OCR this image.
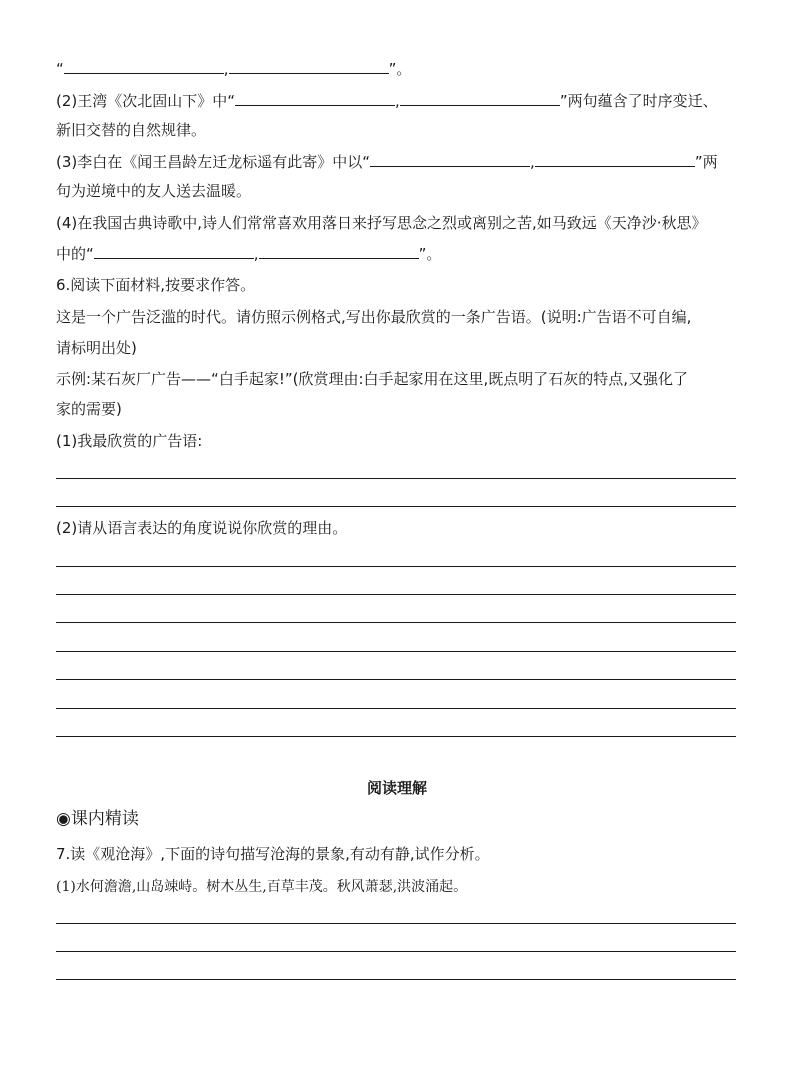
“	,	”。
(2)王湾《次北固山下》中“	,	”两句蕴含了时序变迁、
新旧交替的自然规律。
(3)李白在《闻王昌龄左迁龙标遥有此寄》中以“	,	”两
句为逆境中的友人送去温暖。
(4)在我国古典诗歌中,诗人们常常喜欢用落日来抒写思念之烈或离别之苦,如马致远《天净沙·秋思》
中的“	,	”。
6.阅读下面材料,按要求作答。
这是一个广告泛滥的时代。请仿照示例格式,写出你最欣赏的一条广告语。(说明:广告语不可自编,
请标明出处)
示例:某石灰厂广告——“白手起家!”(欣赏理由:白手起家用在这里,既点明了石灰的特点,又强化了
家的需要)
(1)我最欣赏的广告语:
(2)请从语言表达的角度说说你欣赏的理由。
阅读理解
◉课内精读
7.读《观沧海》,下面的诗句描写沧海的景象,有动有静,试作分析。
(1)水何澹澹,山岛竦峙。树木丛生,百草丰茂。秋风萧瑟,洪波涌起。
